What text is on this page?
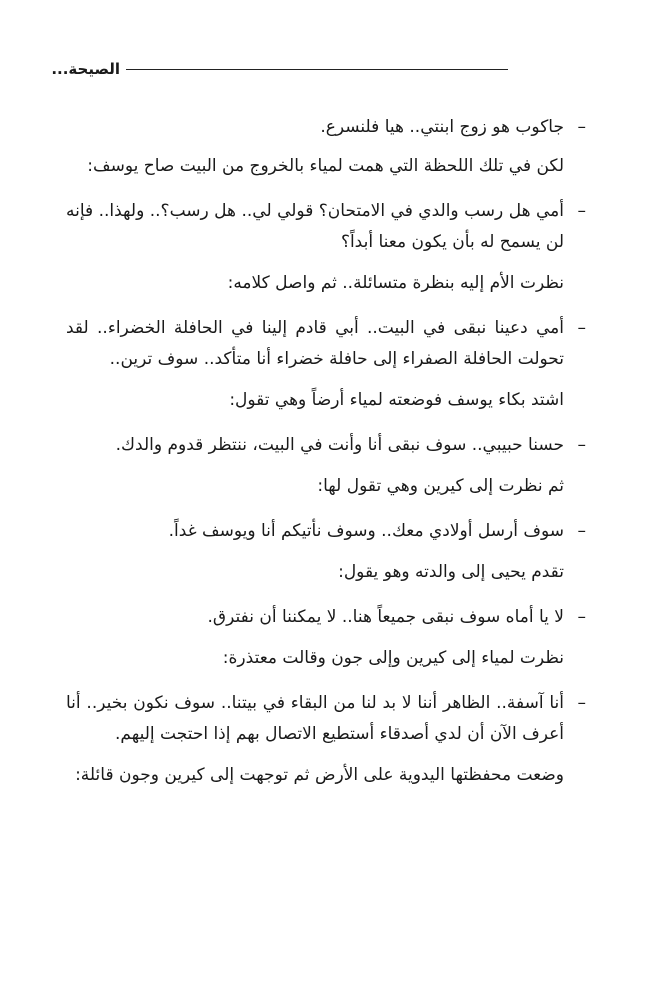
الصيحة...

–
جاكوب هو زوج ابنتي.. هيا فلنسرع.

لكن في تلك اللحظة التي همت لمياء بالخروج من البيت صاح يوسف:

–
أمي هل رسب والدي في الامتحان؟ قولي لي.. هل رسب؟.. ولهذا.. فإنه لن يسمح له بأن يكون معنا أبداً؟

نظرت الأم إليه بنظرة متسائلة.. ثم واصل كلامه:

–
أمي دعينا نبقى في البيت.. أبي قادم إلينا في الحافلة الخضراء.. لقد تحولت الحافلة الصفراء إلى حافلة خضراء أنا متأكد.. سوف ترين..

اشتد بكاء يوسف فوضعته لمياء أرضاً وهي تقول:

–
حسنا حبيبي.. سوف نبقى أنا وأنت في البيت، ننتظر قدوم والدك.

ثم نظرت إلى كيرين وهي تقول لها:

–
سوف أرسل أولادي معك.. وسوف نأتيكم أنا ويوسف غداً.

تقدم يحيى إلى والدته وهو يقول:

–
لا يا أماه سوف نبقى جميعاً هنا.. لا يمكننا أن نفترق.

نظرت لمياء إلى كيرين وإلى جون وقالت معتذرة:

–
أنا آسفة.. الظاهر أننا لا بد لنا من البقاء في بيتنا.. سوف نكون بخير.. أنا أعرف الآن أن لدي أصدقاء أستطيع الاتصال بهم إذا احتجت إليهم.

وضعت محفظتها اليدوية على الأرض ثم توجهت إلى كيرين وجون قائلة:
